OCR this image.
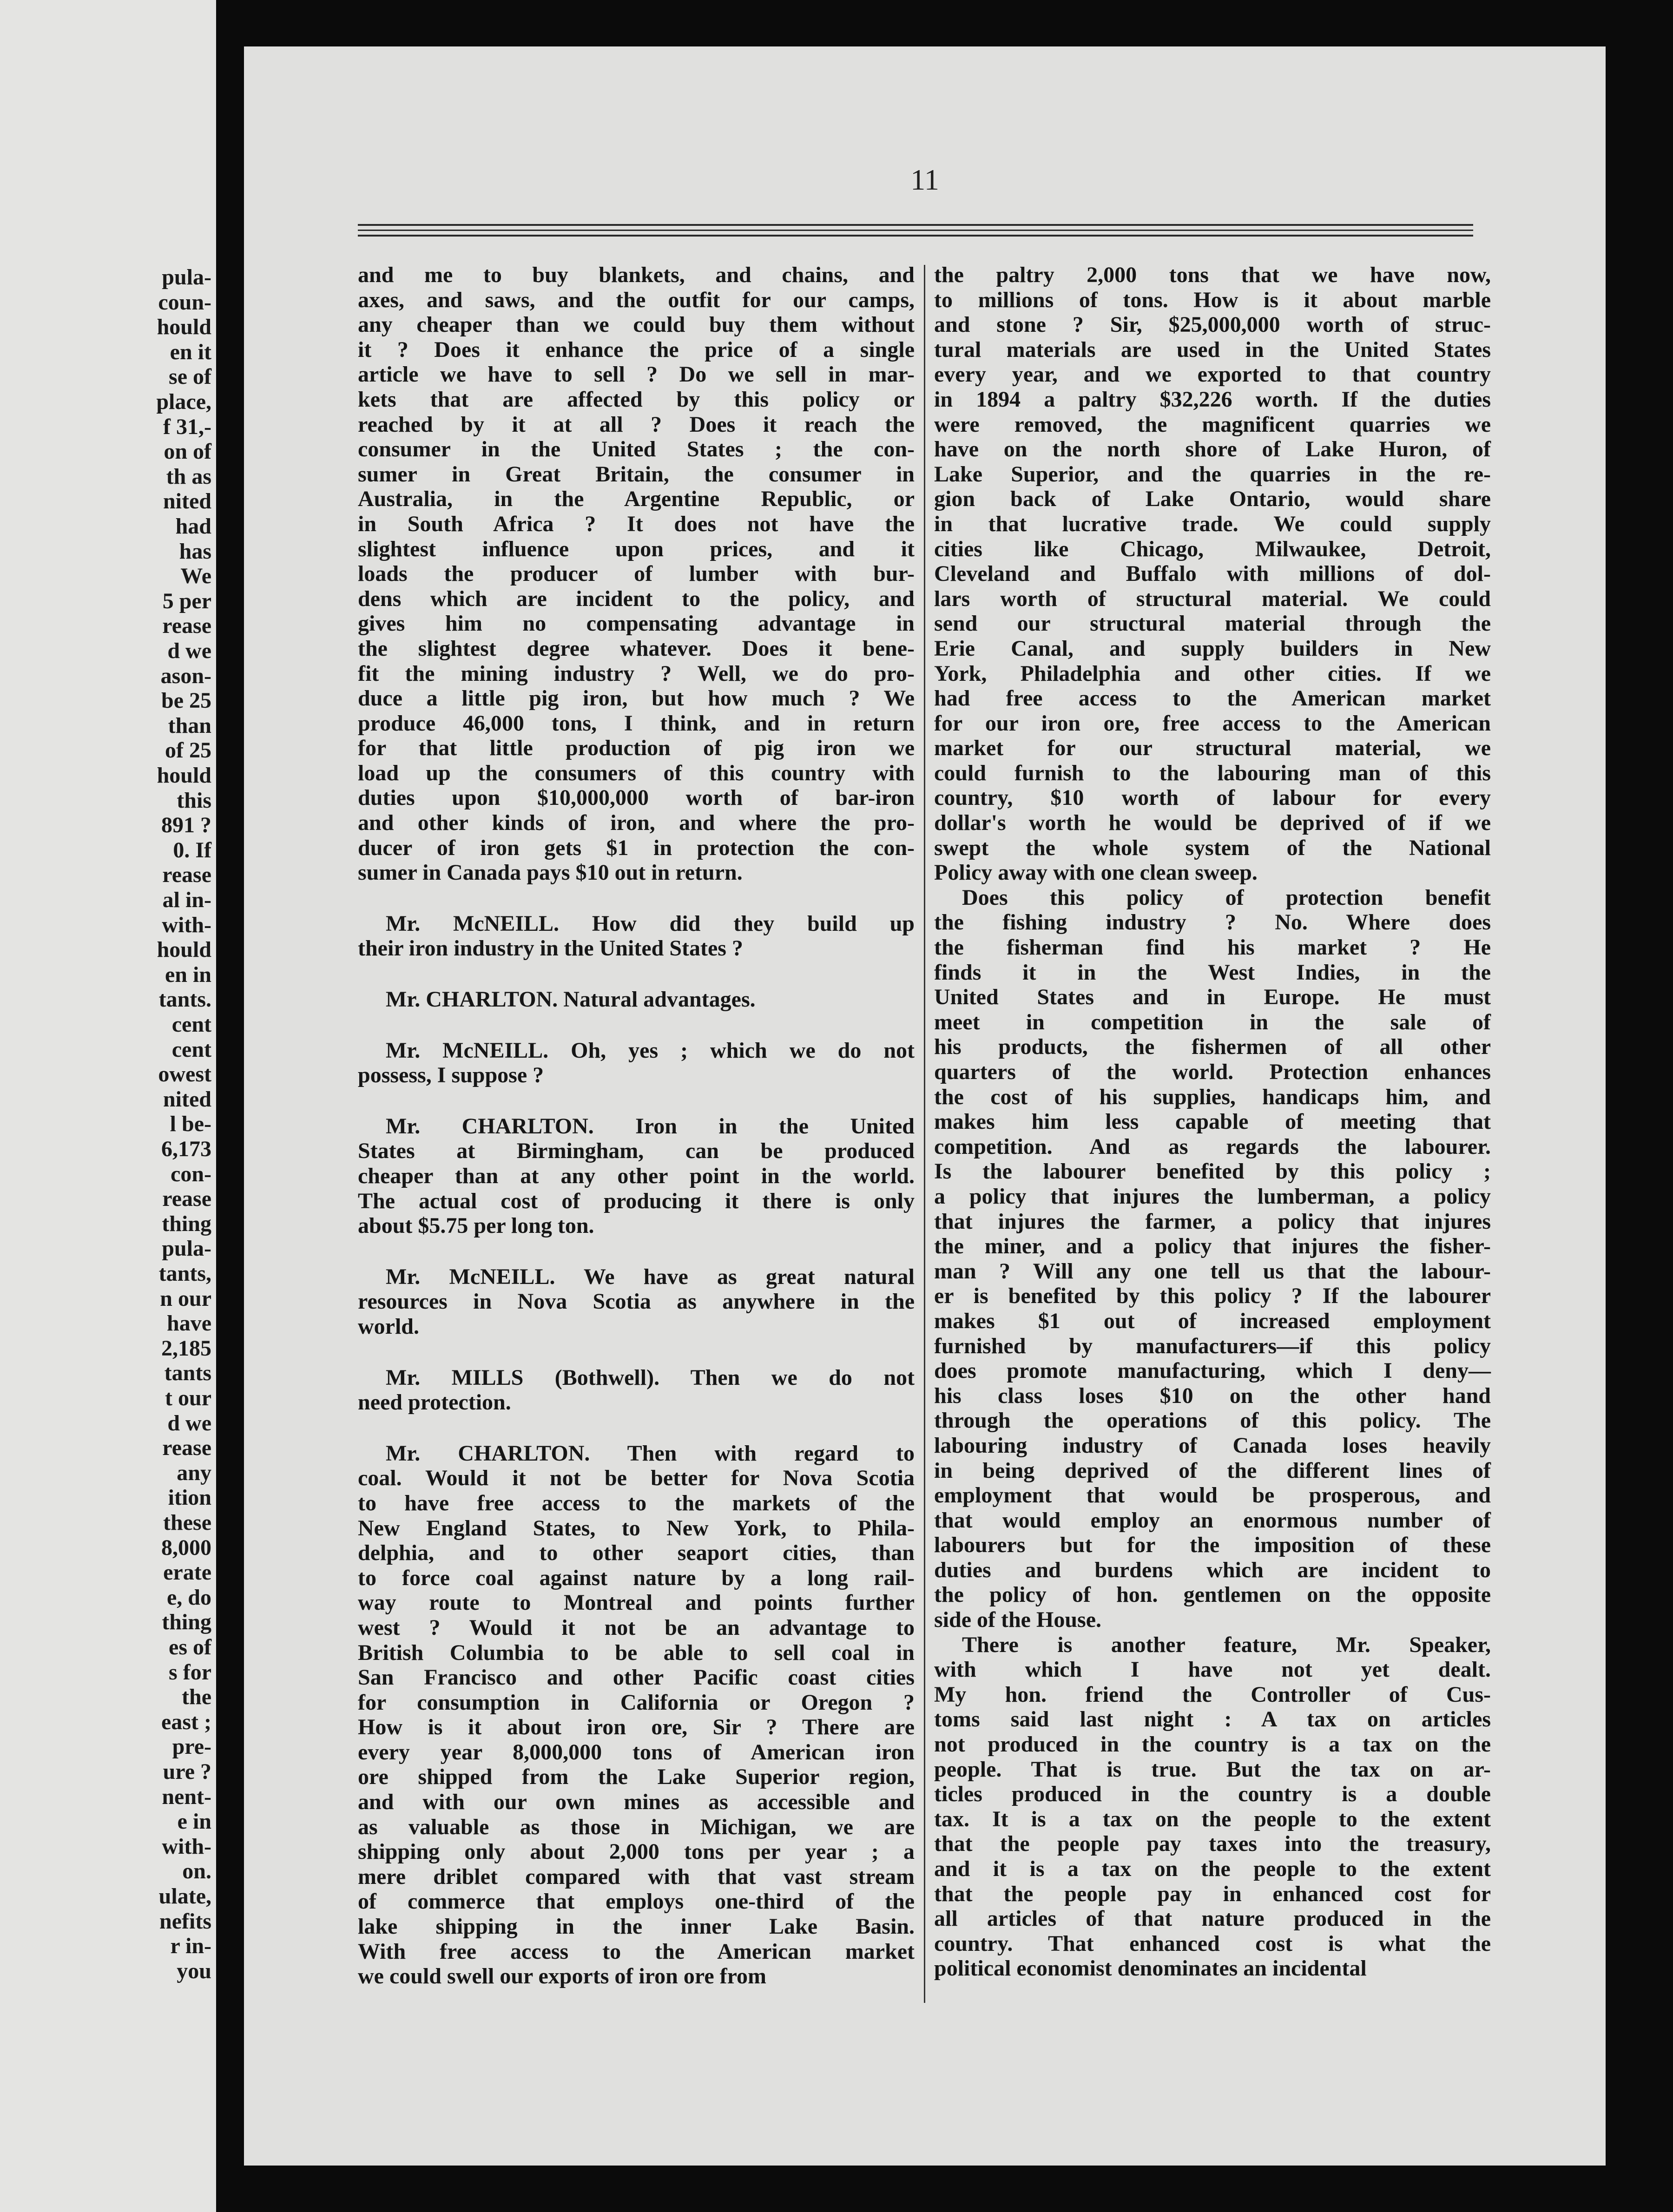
pula-
coun-
hould
en it
se of
place,
f 31,-
on of
th as
nited
had
has
We
5 per
rease
d we
ason-
be 25
than
of 25
hould
this
891 ?
0. If
rease
al in-
with-
hould
en in
tants.
cent
cent
owest
nited
l be-
6,173
con-
rease
thing
pula-
tants,
n our
have
2,185
tants
t our
d we
rease
any
ition
these
8,000
erate
e, do
thing
es of
s for
the
east ;
pre-
ure ?
nent-
e in
with-
on.
ulate,
nefits
r in-
you
11

and me to buy blankets, and chains, and
axes, and saws, and the outfit for our camps,
any cheaper than we could buy them without
it ? Does it enhance the price of a single
article we have to sell ? Do we sell in mar-
kets that are affected by this policy or
reached by it at all ? Does it reach the
consumer in the United States ; the con-
sumer in Great Britain, the consumer in
Australia, in the Argentine Republic, or
in South Africa ? It does not have the
slightest influence upon prices, and it
loads the producer of lumber with bur-
dens which are incident to the policy, and
gives him no compensating advantage in
the slightest degree whatever. Does it bene-
fit the mining industry ? Well, we do pro-
duce a little pig iron, but how much ? We
produce 46,000 tons, I think, and in return
for that little production of pig iron we
load up the consumers of this country with
duties upon $10,000,000 worth of bar-iron
and other kinds of iron, and where the pro-
ducer of iron gets $1 in protection the con-
sumer in Canada pays $10 out in return.

Mr. McNEILL. How did they build up
their iron industry in the United States ?

Mr. CHARLTON. Natural advantages.

Mr. McNEILL. Oh, yes ; which we do not
possess, I suppose ?

Mr. CHARLTON. Iron in the United
States at Birmingham, can be produced
cheaper than at any other point in the world.
The actual cost of producing it there is only
about $5.75 per long ton.

Mr. McNEILL. We have as great natural
resources in Nova Scotia as anywhere in the
world.

Mr. MILLS (Bothwell). Then we do not
need protection.

Mr. CHARLTON. Then with regard to
coal. Would it not be better for Nova Scotia
to have free access to the markets of the
New England States, to New York, to Phila-
delphia, and to other seaport cities, than
to force coal against nature by a long rail-
way route to Montreal and points further
west ? Would it not be an advantage to
British Columbia to be able to sell coal in
San Francisco and other Pacific coast cities
for consumption in California or Oregon ?
How is it about iron ore, Sir ? There are
every year 8,000,000 tons of American iron
ore shipped from the Lake Superior region,
and with our own mines as accessible and
as valuable as those in Michigan, we are
shipping only about 2,000 tons per year ; a
mere driblet compared with that vast stream
of commerce that employs one-third of the
lake shipping in the inner Lake Basin.
With free access to the American market
we could swell our exports of iron ore from

the paltry 2,000 tons that we have now,
to millions of tons. How is it about marble
and stone ? Sir, $25,000,000 worth of struc-
tural materials are used in the United States
every year, and we exported to that country
in 1894 a paltry $32,226 worth. If the duties
were removed, the magnificent quarries we
have on the north shore of Lake Huron, of
Lake Superior, and the quarries in the re-
gion back of Lake Ontario, would share
in that lucrative trade. We could supply
cities like Chicago, Milwaukee, Detroit,
Cleveland and Buffalo with millions of dol-
lars worth of structural material. We could
send our structural material through the
Erie Canal, and supply builders in New
York, Philadelphia and other cities. If we
had free access to the American market
for our iron ore, free access to the American
market for our structural material, we
could furnish to the labouring man of this
country, $10 worth of labour for every
dollar's worth he would be deprived of if we
swept the whole system of the National
Policy away with one clean sweep.

Does this policy of protection benefit
the fishing industry ? No. Where does
the fisherman find his market ? He
finds it in the West Indies, in the
United States and in Europe. He must
meet in competition in the sale of
his products, the fishermen of all other
quarters of the world. Protection enhances
the cost of his supplies, handicaps him, and
makes him less capable of meeting that
competition. And as regards the labourer.
Is the labourer benefited by this policy ;
a policy that injures the lumberman, a policy
that injures the farmer, a policy that injures
the miner, and a policy that injures the fisher-
man ? Will any one tell us that the labour-
er is benefited by this policy ? If the labourer
makes $1 out of increased employment
furnished by manufacturers—if this policy
does promote manufacturing, which I deny—
his class loses $10 on the other hand
through the operations of this policy. The
labouring industry of Canada loses heavily
in being deprived of the different lines of
employment that would be prosperous, and
that would employ an enormous number of
labourers but for the imposition of these
duties and burdens which are incident to
the policy of hon. gentlemen on the opposite
side of the House.

There is another feature, Mr. Speaker,
with which I have not yet dealt.
My hon. friend the Controller of Cus-
toms said last night : A tax on articles
not produced in the country is a tax on the
people. That is true. But the tax on ar-
ticles produced in the country is a double
tax. It is a tax on the people to the extent
that the people pay taxes into the treasury,
and it is a tax on the people to the extent
that the people pay in enhanced cost for
all articles of that nature produced in the
country. That enhanced cost is what the
political economist denominates an incidental
